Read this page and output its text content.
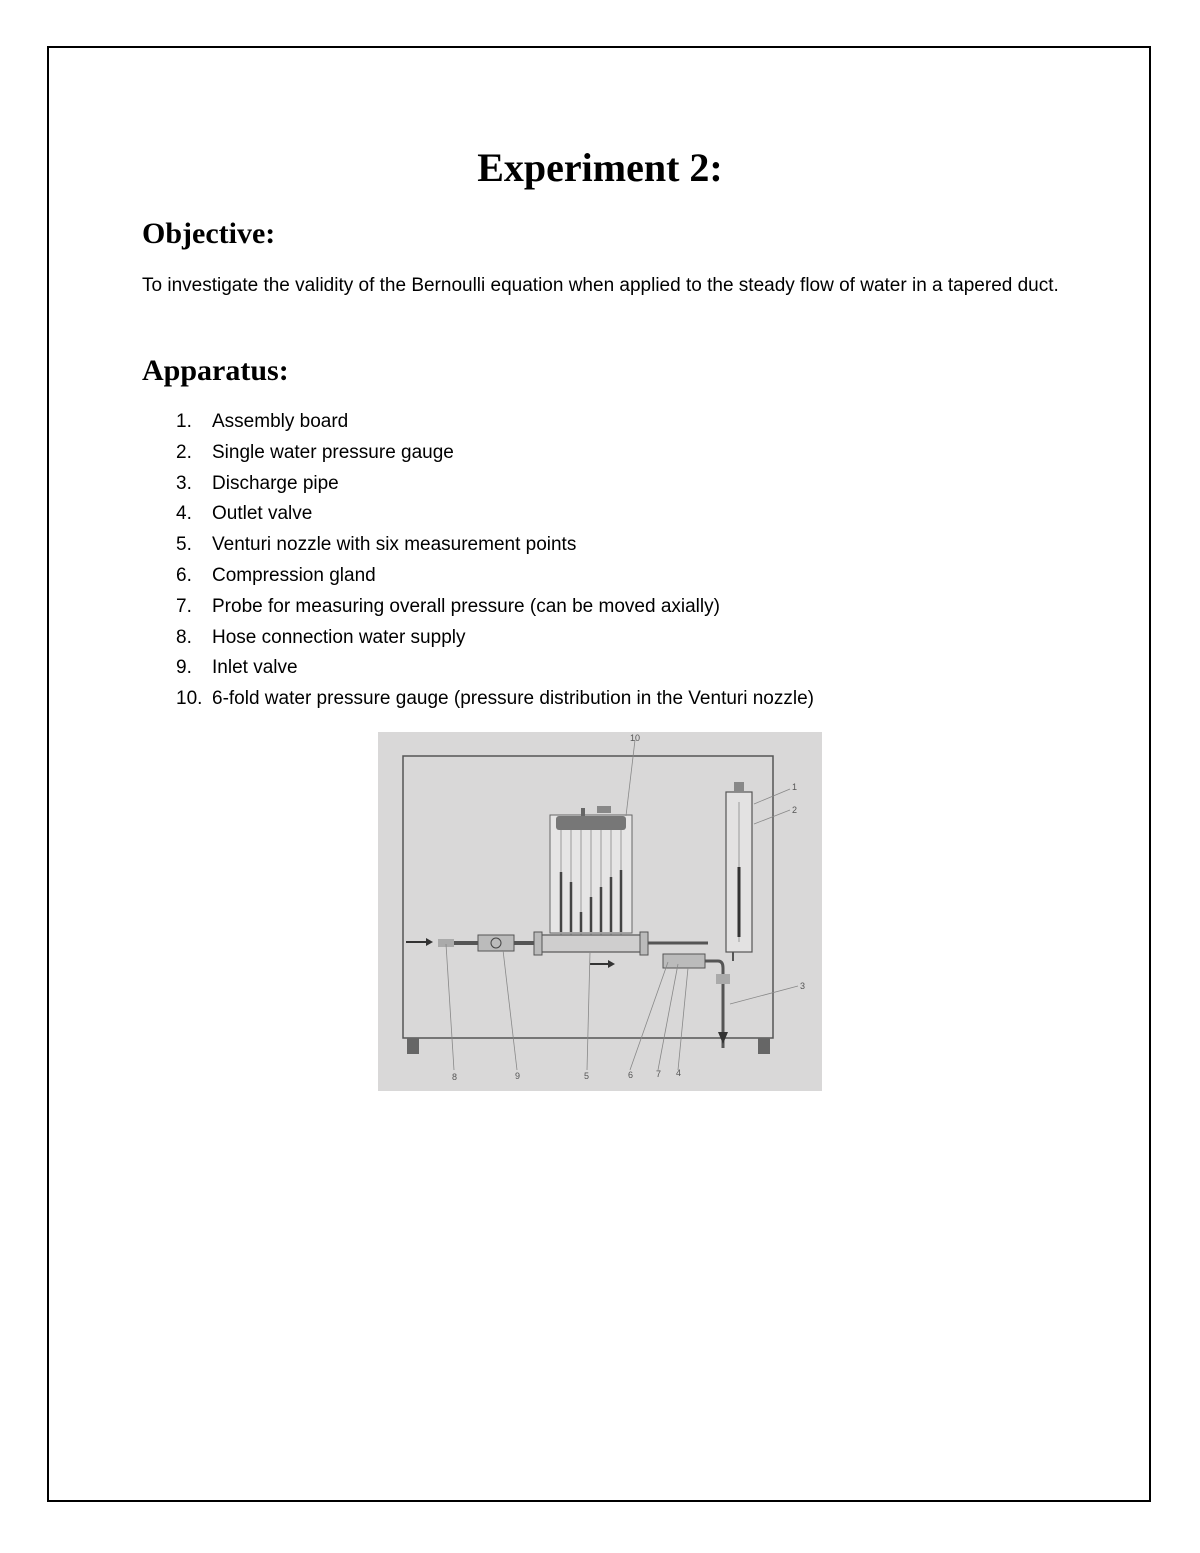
Experiment 2:
Objective:

To investigate the validity of the Bernoulli equation when applied to the steady flow of water in a tapered duct.

Apparatus:
1. Assembly board
2. Single water pressure gauge
3. Discharge pipe
4. Outlet valve
5. Venturi nozzle with six measurement points
6. Compression gland
7. Probe for measuring overall pressure (can be moved axially)
8. Hose connection water supply
9. Inlet valve
10. 6-fold water pressure gauge (pressure distribution in the Venturi nozzle)
10
1
2
3
8	9	5	6	7 4
